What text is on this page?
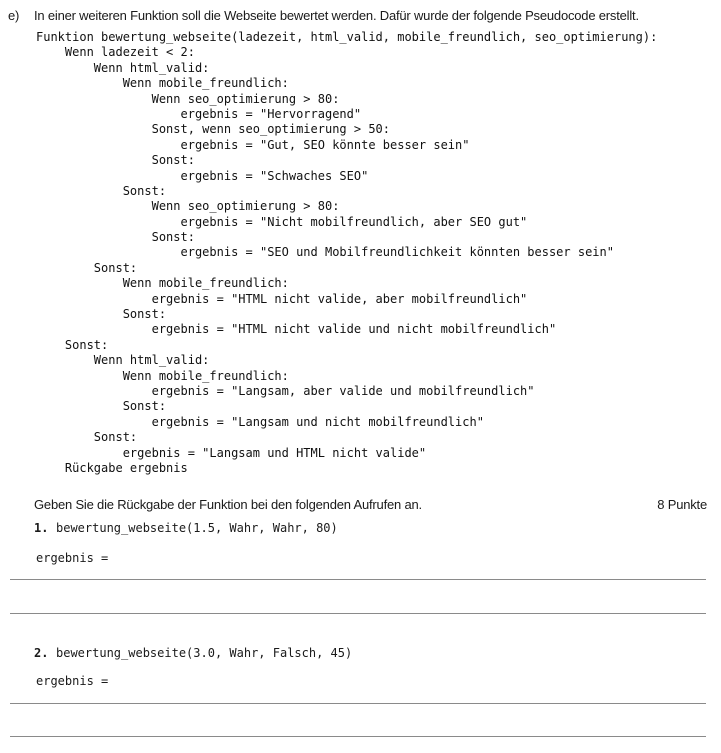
e) In einer weiteren Funktion soll die Webseite bewertet werden. Dafür wurde der folgende Pseudocode erstellt.
Funktion bewertung_webseite(ladezeit, html_valid, mobile_freundlich, seo_optimierung):
Wenn ladezeit < 2:
Wenn html_valid:
Wenn mobile_freundlich:
Wenn seo_optimierung > 80:
ergebnis = "Hervorragend"
Sonst, wenn seo_optimierung > 50:
ergebnis = "Gut, SEO könnte besser sein"
Sonst:
ergebnis = "Schwaches SEO"
Sonst:
Wenn seo_optimierung > 80:
ergebnis = "Nicht mobilfreundlich, aber SEO gut"
Sonst:
ergebnis = "SEO und Mobilfreundlichkeit könnten besser sein"
Sonst:
Wenn mobile_freundlich:
ergebnis = "HTML nicht valide, aber mobilfreundlich"
Sonst:
ergebnis = "HTML nicht valide und nicht mobilfreundlich"
Sonst:
Wenn html_valid:
Wenn mobile_freundlich:
ergebnis = "Langsam, aber valide und mobilfreundlich"
Sonst:
ergebnis = "Langsam und nicht mobilfreundlich"
Sonst:
ergebnis = "Langsam und HTML nicht valide"
Rückgabe ergebnis
Geben Sie die Rückgabe der Funktion bei den folgenden Aufrufen an.	8 Punkte
1. bewertung_webseite(1.5, Wahr, Wahr, 80)
ergebnis =
2. bewertung_webseite(3.0, Wahr, Falsch, 45)
ergebnis =
